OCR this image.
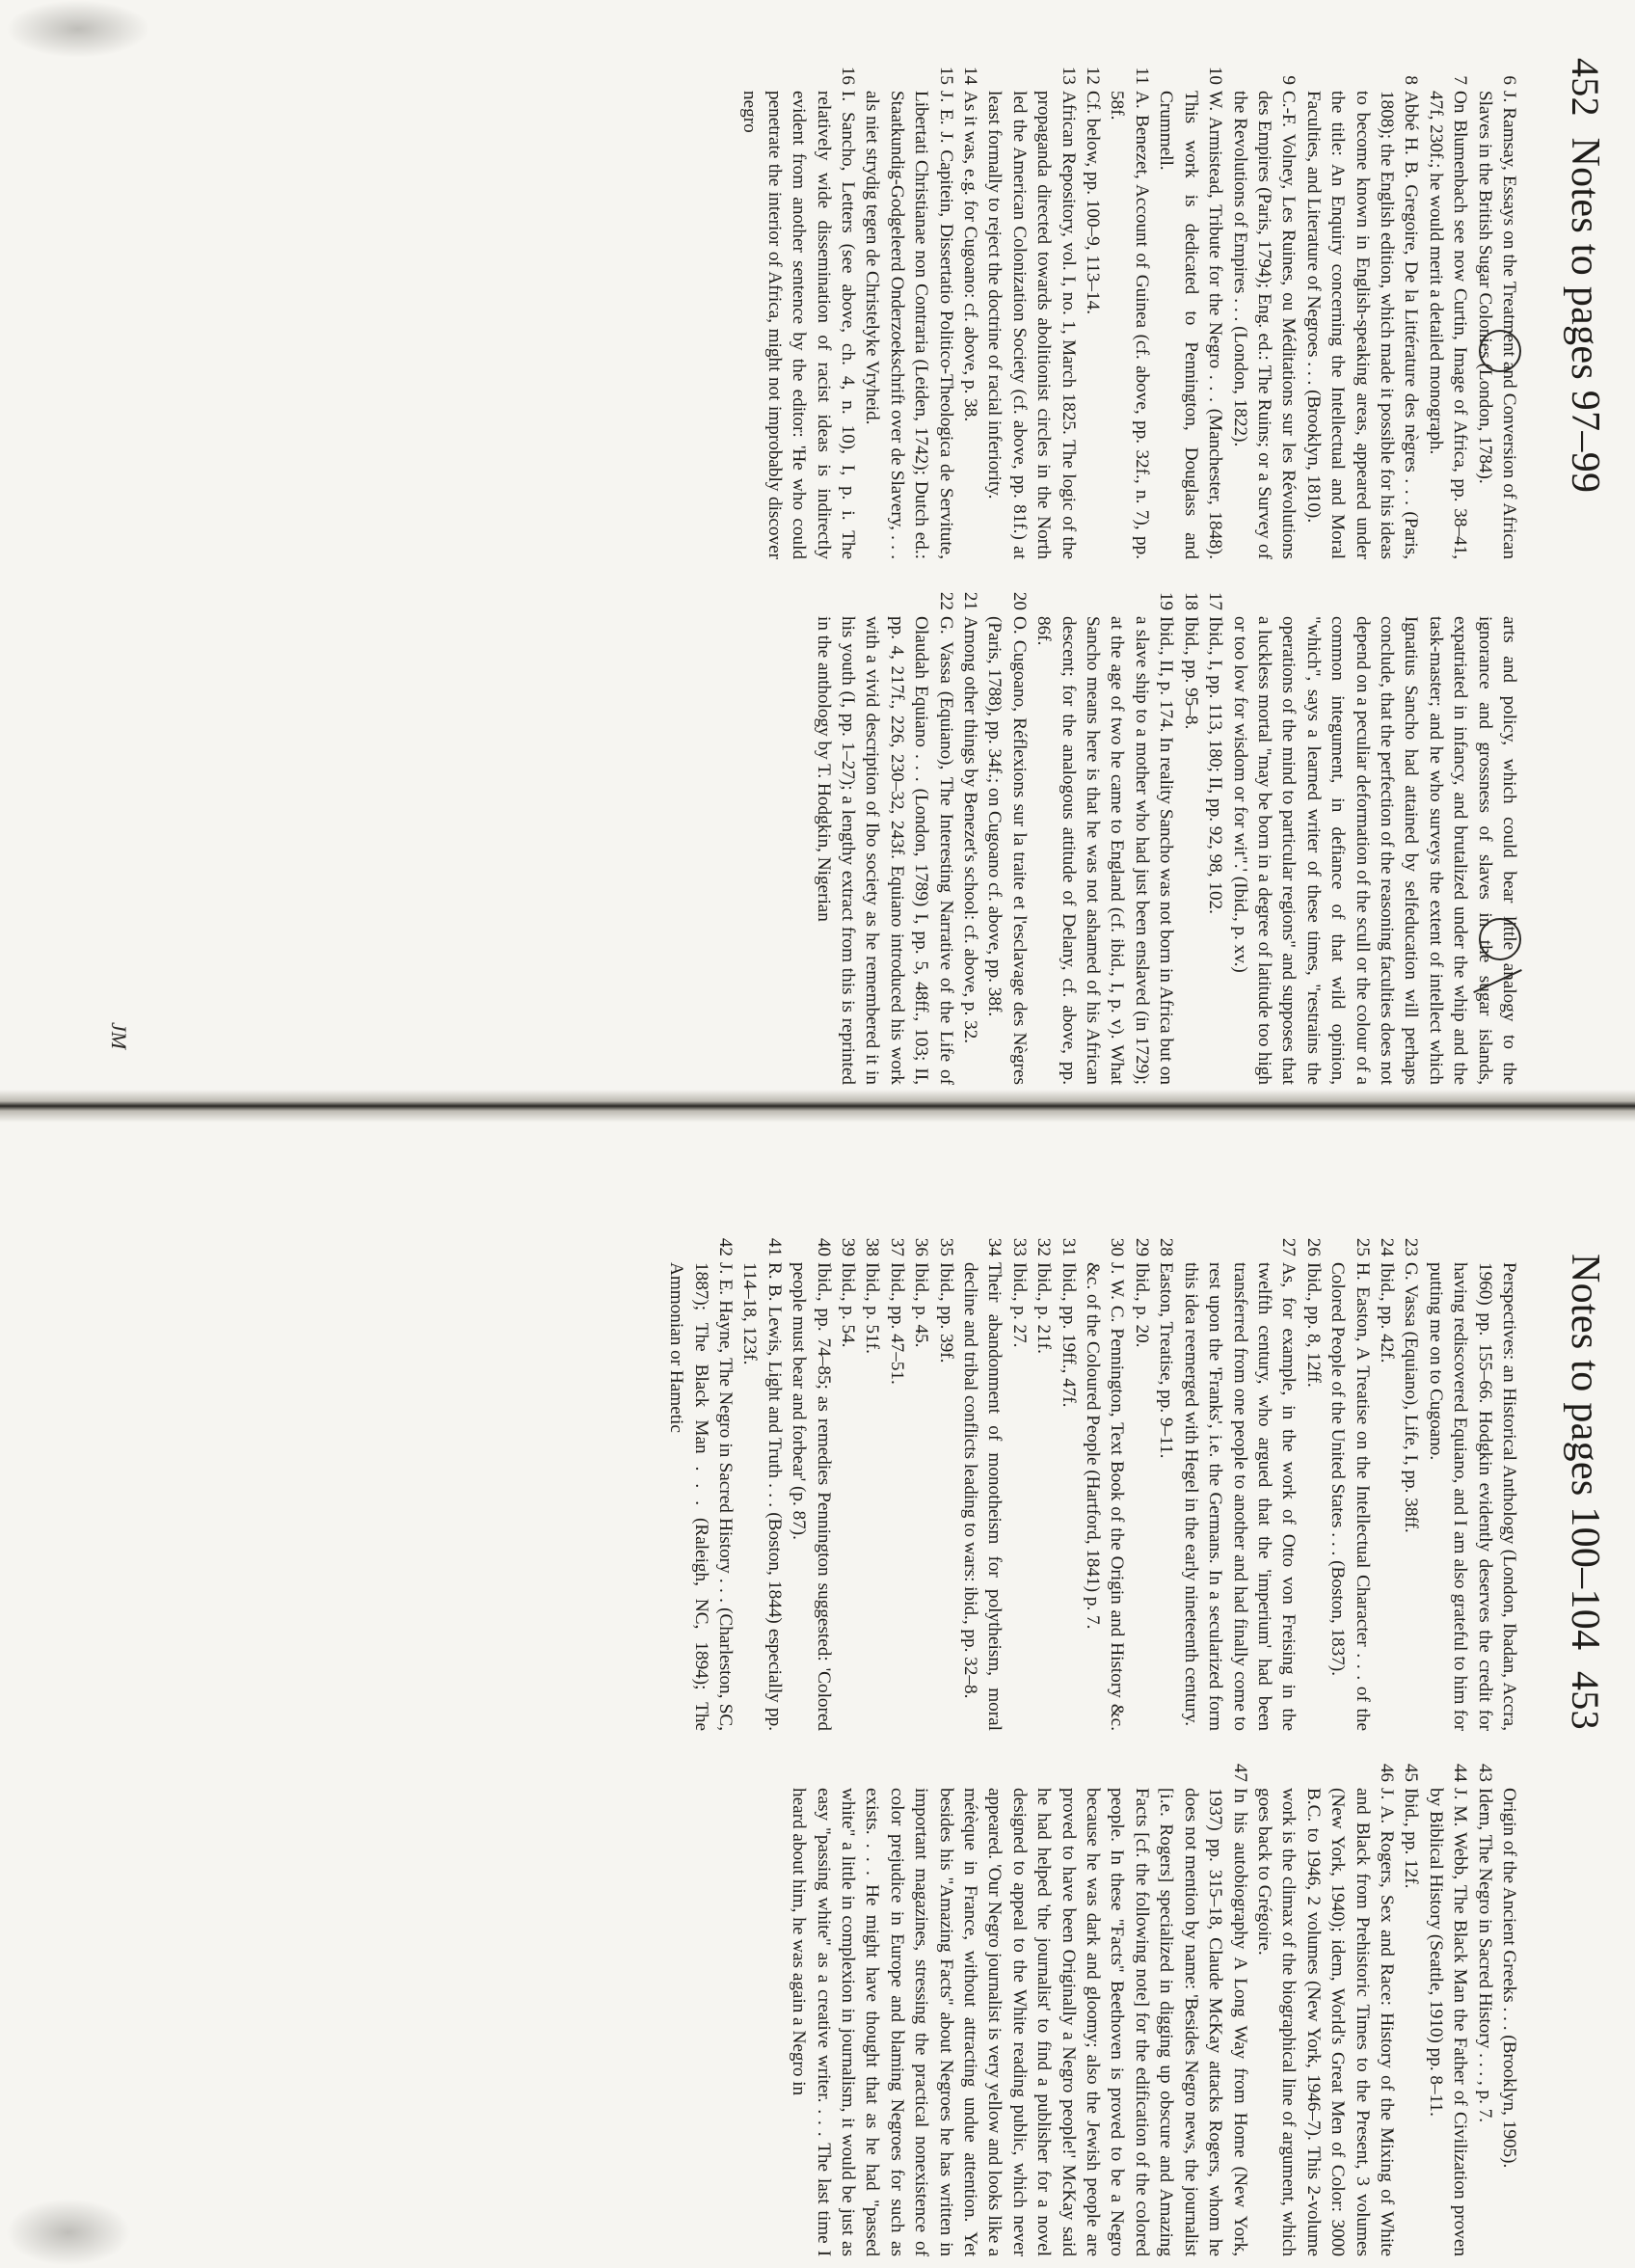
452  Notes to pages 97–99

6
J. Ramsay, Essays on the Treatment and Conversion of African Slaves in the British Sugar Colonies (London, 1784).

7
On Blumenbach see now Curtin, Image of Africa, pp. 38–41, 47f, 230f.; he would merit a detailed monograph.

8
Abbé H. B. Gregoire, De la Littérature des nègres . . . (Paris, 1808); the English edition, which made it possible for his ideas to become known in English-speaking areas, appeared under the title: An Enquiry concerning the Intellectual and Moral Faculties, and Literature of Negroes . . . (Brooklyn, 1810).

9
C.-F. Volney, Les Ruines, ou Méditations sur les Révolutions des Empires (Paris, 1794); Eng. ed.: The Ruins; or a Survey of the Revolutions of Empires . . . (London, 1822).

10
W. Armistead, Tribute for the Negro . . . (Manchester, 1848). This work is dedicated to Pennington, Douglass and Crummell.

11
A. Benezet, Account of Guinea (cf. above, pp. 32f., n. 7), pp. 58f.

12
Cf. below, pp. 100–9, 113–14.

13
African Repository, vol. I, no. 1, March 1825. The logic of the propaganda directed towards abolitionist circles in the North led the American Colonization Society (cf. above, pp. 81f.) at least formally to reject the doctrine of racial inferiority.

14
As it was, e.g. for Cugoano: cf. above, p. 38.

15
J. E. J. Capitein, Dissertatio Politico-Theologica de Servitute, Libertati Christianae non Contraria (Leiden, 1742); Dutch ed.: Staatkundig-Godgeleerd Onderzoekschrift over de Slavery, . . . als niet strydig tegen de Christelyke Vryheid.

16
I. Sancho, Letters (see above, ch. 4, n. 10), I, p. i. The relatively wide dissemination of racist ideas is indirectly evident from another sentence by the editor: 'He who could penetrate the interior of Africa, might not improbably discover negro

arts and policy, which could bear little analogy to the ignorance and grossness of slaves in the sugar islands, expatriated in infancy, and brutalized under the whip and the task-master; and he who surveys the extent of intellect which Ignatius Sancho had attained by selfeducation will perhaps conclude, that the perfection of the reasoning faculties does not depend on a peculiar deformation of the scull or the colour of a common integument, in defiance of that wild opinion, "which", says a learned writer of these times, "restrains the operations of the mind to particular regions" and supposes that a luckless mortal "may be born in a degree of latitude too high or too low for wisdom or for wit".' (Ibid., p. xv.)

17
Ibid., I, pp. 113, 180; II, pp. 92, 98, 102.

18
Ibid., pp. 95–8.

19
Ibid., II, p. 174. In reality Sancho was not born in Africa but on a slave ship to a mother who had just been enslaved (in 1729); at the age of two he came to England (cf. ibid., I, p. v). What Sancho means here is that he was not ashamed of his African descent; for the analogous attitude of Delany, cf. above, pp. 86f.

20
O. Cugoano, Réflexions sur la traite et l'esclavage des Nègres (Paris, 1788), pp. 34f.; on Cugoano cf. above, pp. 38f.

21
Among other things by Benezet's school: cf. above, p. 32.

22
G. Vassa (Equiano), The Interesting Narrative of the Life of Olaudah Equiano . . . (London, 1789) I, pp. 5, 48ff., 103; II, pp. 4, 217f., 226, 230–32, 243f. Equiano introduced his work with a vivid description of Ibo society as he remembered it in his youth (I, pp. 1–27); a lengthy extract from this is reprinted in the anthology by T. Hodgkin, Nigerian

JM
Notes to pages 100–104  453

Perspectives: an Historical Anthology (London, Ibadan, Accra, 1960) pp. 155–66. Hodgkin evidently deserves the credit for having rediscovered Equiano, and I am also grateful to him for putting me on to Cugoano.

23
G. Vassa (Equiano), Life, I, pp. 38ff.

24
Ibid., pp. 42f.

25
H. Easton, A Treatise on the Intellectual Character . . . of the Colored People of the United States . . . (Boston, 1837).

26
Ibid., pp. 8, 12ff.

27
As, for example, in the work of Otto von Freising in the twelfth century, who argued that the 'imperium' had been transferred from one people to another and had finally come to rest upon the 'Franks', i.e. the Germans. In a secularized form this idea reemerged with Hegel in the early nineteenth century.

28
Easton, Treatise, pp. 9–11.

29
Ibid., p. 20.

30
J. W. C. Pennington, Text Book of the Origin and History &c. &c. of the Coloured People (Hartford, 1841) p. 7.

31
Ibid., pp. 19ff., 47f.

32
Ibid., p. 21f.

33
Ibid., p. 27.

34
Their abandonment of monotheism for polytheism, moral decline and tribal conflicts leading to wars: ibid., pp. 32–8.

35
Ibid., pp. 39f.

36
Ibid., p. 45.

37
Ibid., pp. 47–51.

38
Ibid., p. 51f.

39
Ibid., p. 54.

40
Ibid., pp. 74–85; as remedies Pennington suggested: 'Colored people must bear and forbear' (p. 87).

41
R. B. Lewis, Light and Truth . . . (Boston, 1844) especially pp. 114–18, 123f.

42
J. E. Hayne, The Negro in Sacred History . . . (Charleston, SC, 1887); The Black Man . . . (Raleigh, NC, 1894); The Ammonian or Hametic

Origin of the Ancient Greeks . . . (Brooklyn, 1905).

43
Idem, The Negro in Sacred History . . . , p. 7.

44
J. M. Webb, The Black Man the Father of Civilization proven by Biblical History (Seattle, 1910) pp. 8–11.

45
Ibid., pp. 12f.

46
J. A. Rogers, Sex and Race: History of the Mixing of White and Black from Prehistoric Times to the Present, 3 volumes (New York, 1940); idem, World's Great Men of Color: 3000 B.C. to 1946, 2 volumes (New York, 1946–7). This 2-volume work is the climax of the biographical line of argument, which goes back to Grégoire.

47
In his autobiography A Long Way from Home (New York, 1937) pp. 315–18, Claude McKay attacks Rogers, whom he does not mention by name: 'Besides Negro news, the journalist [i.e. Rogers] specialized in digging up obscure and Amazing Facts [cf. the following note] for the edification of the colored people. In these "Facts" Beethoven is proved to be a Negro because he was dark and gloomy; also the Jewish people are proved to have been Originally a Negro people!' McKay said he had helped 'the journalist' to find a publisher for a novel designed to appeal to the White reading public, which never appeared. 'Our Negro journalist is very yellow and looks like a métèque in France, without attracting undue attention. Yet besides his "Amazing Facts" about Negroes he has written in important magazines, stressing the practical nonexistence of color prejudice in Europe and blaming Negroes for such as exists. . . . He might have thought that as he had "passed white" a little in complexion in journalism, it would be just as easy "passing white" as a creative writer. . . . The last time I heard about him, he was again a Negro in
